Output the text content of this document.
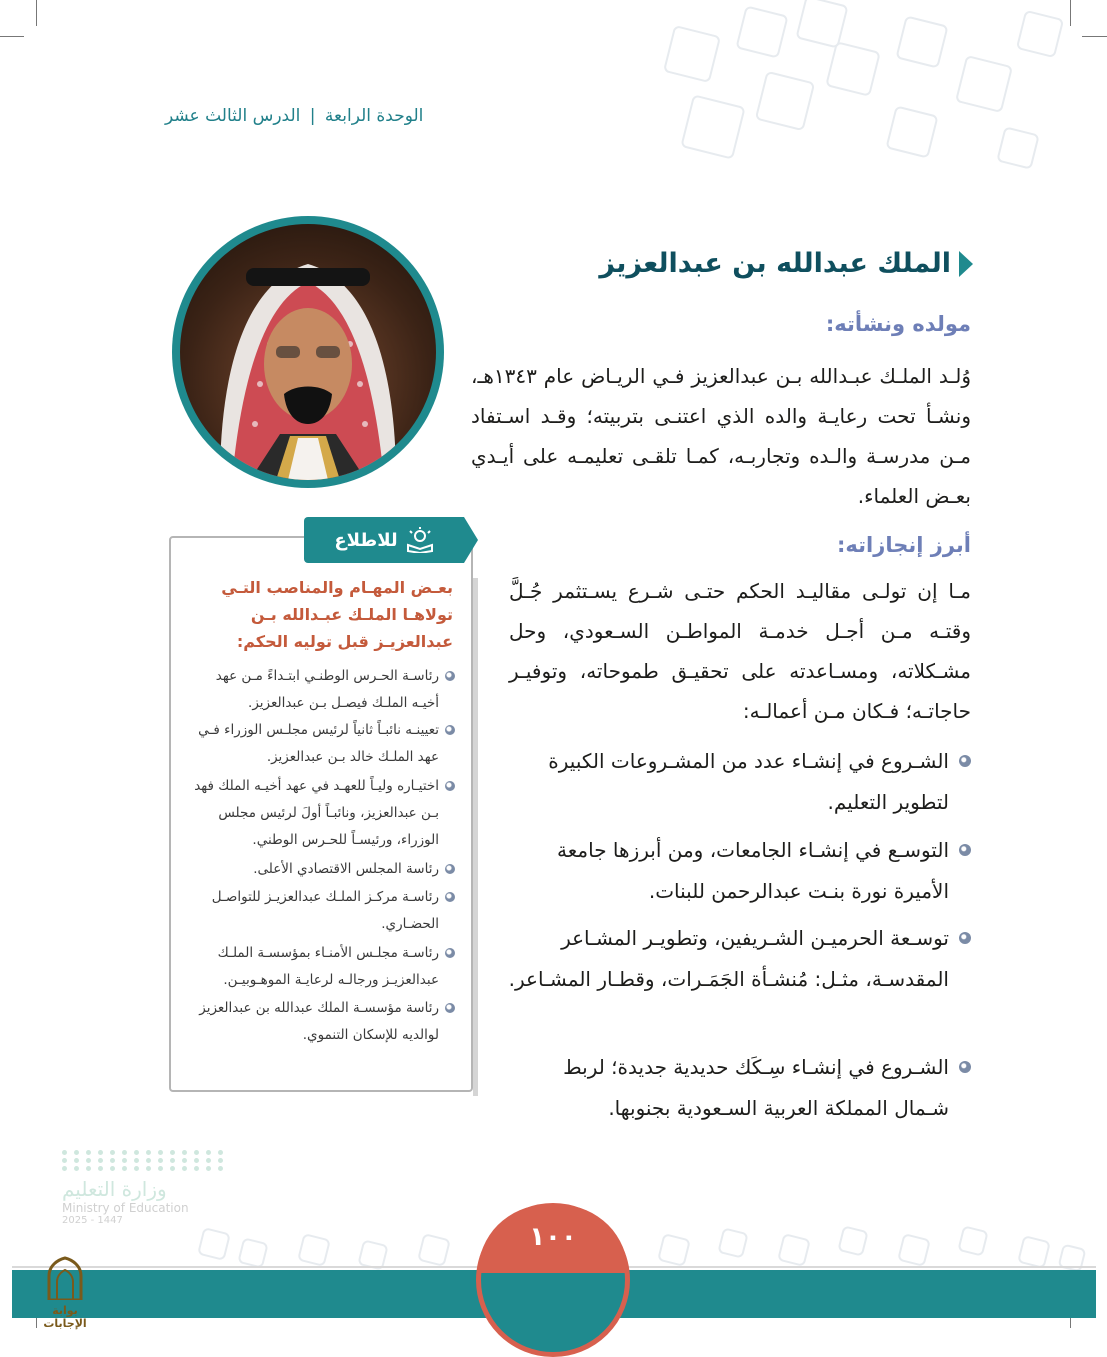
الوحدة الرابعة | الدرس الثالث عشر
الملك عبدالله بن عبدالعزيز
مولده ونشأته:
وُلـد الملـك عبـدالله بـن عبدالعزيز فـي الريـاض عام ١٣٤٣هـ، ونشـأ تحت رعايـة والده الذي اعتنـى بتربيته؛ وقـد اسـتفاد مـن مدرسـة والـده وتجاربـه، كمـا تلقـى تعليمـه على أيـدي بعـض العلماء.
أبرز إنجازاته:
مـا إن تولـى مقاليـد الحكم حتـى شـرع يسـتثمر جُـلَّ وقتـه مـن أجـل خدمـة المواطـن السـعودي، وحل مشـكلاته، ومسـاعدته على تحقيـق طموحاته، وتوفيـر حاجاتـه؛ فـكان مـن أعمالـه:
الشـروع في إنشـاء عدد من المشـروعات الكبيرة لتطوير التعليم.
التوسـع في إنشـاء الجامعات، ومن أبرزها جامعة الأميرة نورة بنـت عبدالرحمن للبنات.
توسـعة الحرميـن الشـريفين، وتطويـر المشـاعر المقدسـة، مثـل: مُنشـأة الجَمَـرات، وقطـار المشـاعر.
الشـروع في إنشـاء سِـكَك حديدية جديدة؛ لربط شـمال المملكة العربية السـعودية بجنوبها.
للاطلاع
بعـض المهـام والمناصب التـي تولاهـا الملـك عبـدالله بـن عبدالعزيـز قبل توليه الحكم:
رئاسـة الحـرس الوطنـي ابتـداءً مـن عهد أخيـه الملـك فيصـل بـن عبدالعزيز.
تعيينـه نائبـاً ثانياً لرئيس مجلـس الوزراء فـي عهد الملـك خالد بـن عبدالعزيز.
اختيـاره وليـاً للعهـد في عهد أخيـه الملك فهد بـن عبدالعزيز، ونائبـاً أولَ لرئيس مجلس الوزراء، ورئيسـاً للحـرس الوطني.
رئاسة المجلس الاقتصادي الأعلى.
رئاسـة مركـز الملـك عبدالعزيـز للتواصـل الحضـاري.
رئاسـة مجلـس الأمنـاء بمؤسسـة الملـك عبدالعزيـز ورجالـه لرعايـة الموهـوبيـن.
رئاسة مؤسسـة الملك عبدالله بن عبدالعزيز لوالديه للإسكان التنموي.
١٠٠
وزارة التعليم
Ministry of Education
2025 - 1447
بوابة الإجابات
